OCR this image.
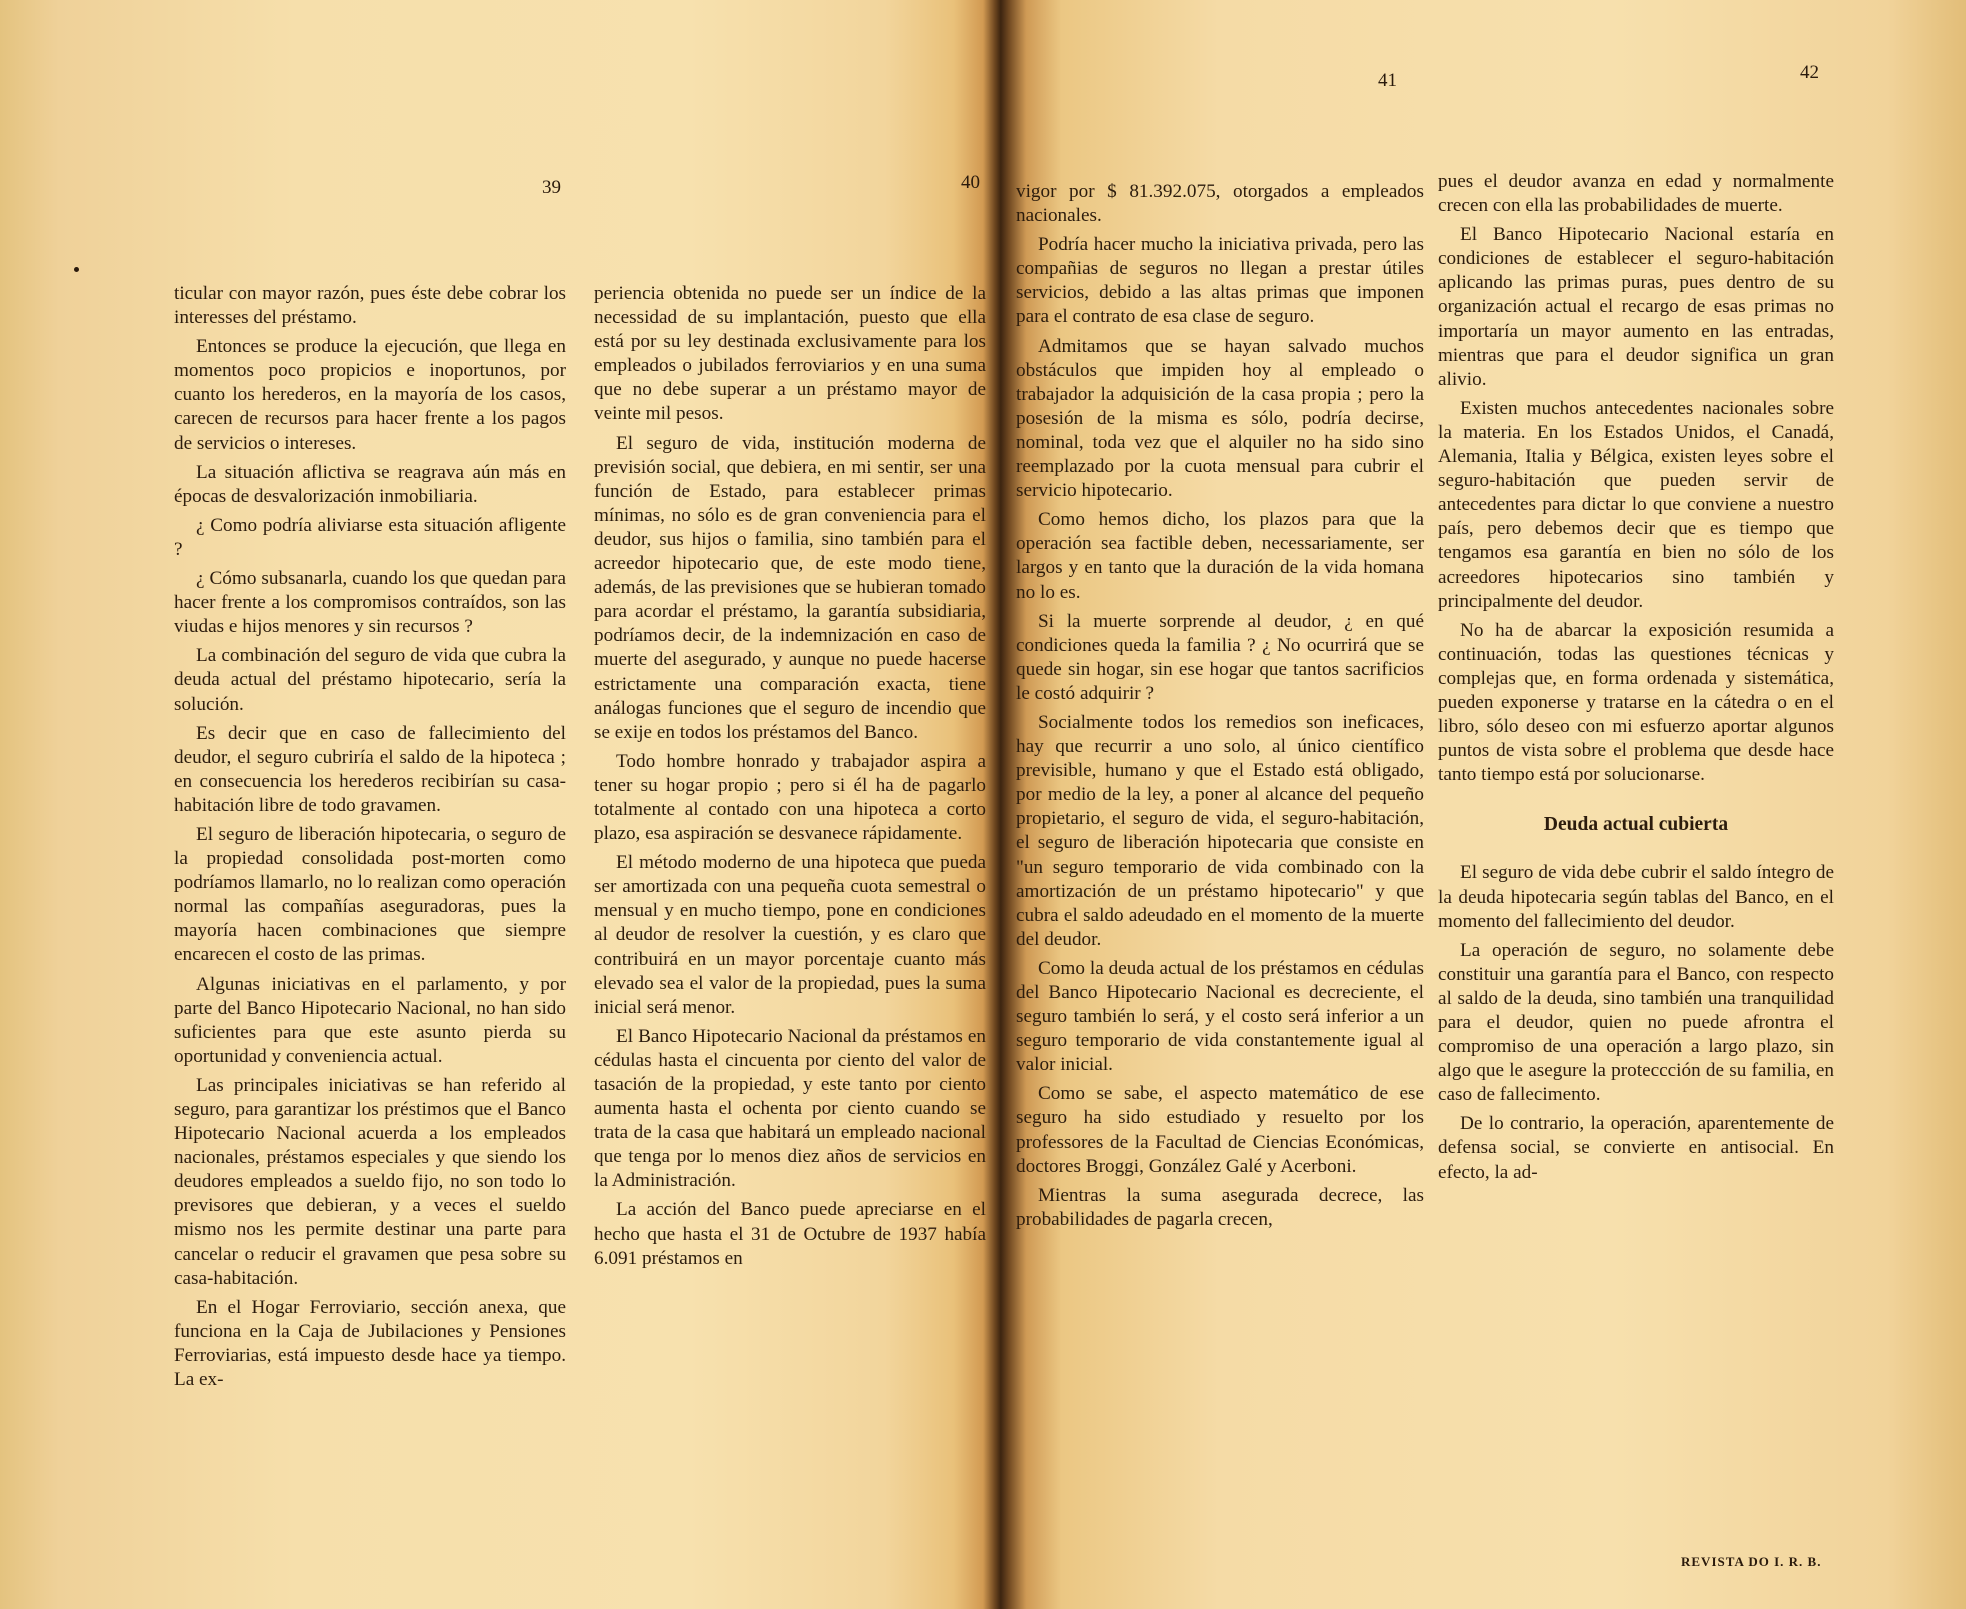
39	40
41	42

ticular con mayor razón, pues éste debe cobrar los interesses del préstamo.

Entonces se produce la ejecución, que llega en momentos poco propicios e inoportunos, por cuanto los herederos, en la mayoría de los casos, carecen de recursos para hacer frente a los pagos de servicios o intereses.

La situación aflictiva se reagrava aún más en épocas de desvalorización inmobiliaria.

¿ Como podría aliviarse esta situación afligente ?

¿ Cómo subsanarla, cuando los que quedan para hacer frente a los compromisos contraídos, son las viudas e hijos menores y sin recursos ?

La combinación del seguro de vida que cubra la deuda actual del préstamo hipotecario, sería la solución.

Es decir que en caso de fallecimiento del deudor, el seguro cubriría el saldo de la hipoteca ; en consecuencia los herederos recibirían su casa-habitación libre de todo gravamen.

El seguro de liberación hipotecaria, o seguro de la propiedad consolidada post-morten como podríamos llamarlo, no lo realizan como operación normal las compañías aseguradoras, pues la mayoría hacen combinaciones que siempre encarecen el costo de las primas.

Algunas iniciativas en el parlamento, y por parte del Banco Hipotecario Nacional, no han sido suficientes para que este asunto pierda su oportunidad y conveniencia actual.

Las principales iniciativas se han referido al seguro, para garantizar los préstimos que el Banco Hipotecario Nacional acuerda a los empleados nacionales, préstamos especiales y que siendo los deudores empleados a sueldo fijo, no son todo lo previsores que debieran, y a veces el sueldo mismo nos les permite destinar una parte para cancelar o reducir el gravamen que pesa sobre su casa-habitación.

En el Hogar Ferroviario, sección anexa, que funciona en la Caja de Jubilaciones y Pensiones Ferroviarias, está impuesto desde hace ya tiempo. La ex-

periencia obtenida no puede ser un índice de la necessidad de su implantación, puesto que ella está por su ley destinada exclusivamente para los empleados o jubilados ferroviarios y en una suma que no debe superar a un préstamo mayor de veinte mil pesos.

El seguro de vida, institución moderna de previsión social, que debiera, en mi sentir, ser una función de Estado, para establecer primas mínimas, no sólo es de gran conveniencia para el deudor, sus hijos o familia, sino también para el acreedor hipotecario que, de este modo tiene, además, de las previsiones que se hubieran tomado para acordar el préstamo, la garantía subsidiaria, podríamos decir, de la indemnización en caso de muerte del asegurado, y aunque no puede hacerse estrictamente una comparación exacta, tiene análogas funciones que el seguro de incendio que se exije en todos los préstamos del Banco.

Todo hombre honrado y trabajador aspira a tener su hogar propio ; pero si él ha de pagarlo totalmente al contado con una hipoteca a corto plazo, esa aspiración se desvanece rápidamente.

El método moderno de una hipoteca que pueda ser amortizada con una pequeña cuota semestral o mensual y en mucho tiempo, pone en condiciones al deudor de resolver la cuestión, y es claro que contribuirá en un mayor porcentaje cuanto más elevado sea el valor de la propiedad, pues la suma inicial será menor.

El Banco Hipotecario Nacional da préstamos en cédulas hasta el cincuenta por ciento del valor de tasación de la propiedad, y este tanto por ciento aumenta hasta el ochenta por ciento cuando se trata de la casa que habitará un empleado nacional que tenga por lo menos diez años de servicios en la Administración.

La acción del Banco puede apreciarse en el hecho que hasta el 31 de Octubre de 1937 había 6.091 préstamos en

vigor por $ 81.392.075, otorgados a empleados nacionales.

Podría hacer mucho la iniciativa privada, pero las compañias de seguros no llegan a prestar útiles servicios, debido a las altas primas que imponen para el contrato de esa clase de seguro.

Admitamos que se hayan salvado muchos obstáculos que impiden hoy al empleado o trabajador la adquisición de la casa propia ; pero la posesión de la misma es sólo, podría decirse, nominal, toda vez que el alquiler no ha sido sino reemplazado por la cuota mensual para cubrir el servicio hipotecario.

Como hemos dicho, los plazos para que la operación sea factible deben, necessariamente, ser largos y en tanto que la duración de la vida homana no lo es.

Si la muerte sorprende al deudor, ¿ en qué condiciones queda la familia ? ¿ No ocurrirá que se quede sin hogar, sin ese hogar que tantos sacrificios le costó adquirir ?

Socialmente todos los remedios son ineficaces, hay que recurrir a uno solo, al único científico previsible, humano y que el Estado está obligado, por medio de la ley, a poner al alcance del pequeño propietario, el seguro de vida, el seguro-habitación, el seguro de liberación hipotecaria que consiste en "un seguro temporario de vida combinado con la amortización de un préstamo hipotecario" y que cubra el saldo adeudado en el momento de la muerte del deudor.

Como la deuda actual de los préstamos en cédulas del Banco Hipotecario Nacional es decreciente, el seguro también lo será, y el costo será inferior a un seguro temporario de vida constantemente igual al valor inicial.

Como se sabe, el aspecto matemático de ese seguro ha sido estudiado y resuelto por los professores de la Facultad de Ciencias Económicas, doctores Broggi, González Galé y Acerboni.

Mientras la suma asegurada decrece, las probabilidades de pagarla crecen,

pues el deudor avanza en edad y normalmente crecen con ella las probabilidades de muerte.

El Banco Hipotecario Nacional estaría en condiciones de establecer el seguro-habitación aplicando las primas puras, pues dentro de su organización actual el recargo de esas primas no importaría un mayor aumento en las entradas, mientras que para el deudor significa un gran alivio.

Existen muchos antecedentes nacionales sobre la materia. En los Estados Unidos, el Canadá, Alemania, Italia y Bélgica, existen leyes sobre el seguro-habitación que pueden servir de antecedentes para dictar lo que conviene a nuestro país, pero debemos decir que es tiempo que tengamos esa garantía en bien no sólo de los acreedores hipotecarios sino también y principalmente del deudor.

No ha de abarcar la exposición resumida a continuación, todas las questiones técnicas y complejas que, en forma ordenada y sistemática, pueden exponerse y tratarse en la cátedra o en el libro, sólo deseo con mi esfuerzo aportar algunos puntos de vista sobre el problema que desde hace tanto tiempo está por solucionarse.

Deuda actual cubierta

El seguro de vida debe cubrir el saldo íntegro de la deuda hipotecaria según tablas del Banco, en el momento del fallecimiento del deudor.

La operación de seguro, no solamente debe constituir una garantía para el Banco, con respecto al saldo de la deuda, sino también una tranquilidad para el deudor, quien no puede afrontra el compromiso de una operación a largo plazo, sin algo que le asegure la proteccción de su familia, en caso de fallecimento.

De lo contrario, la operación, aparentemente de defensa social, se convierte en antisocial. En efecto, la ad-

REVISTA DO I. R. B.
